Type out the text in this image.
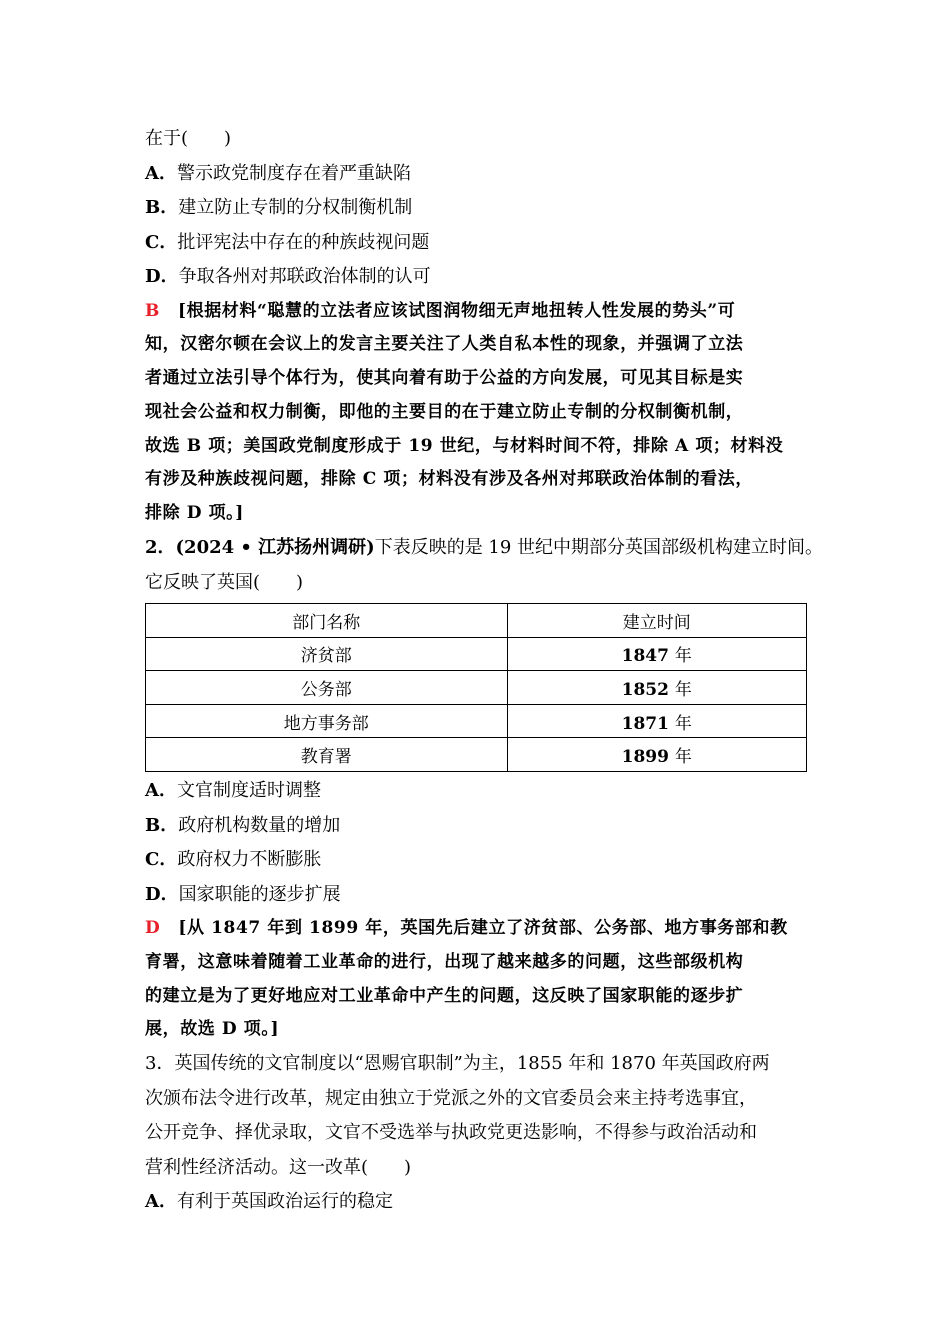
在于(　　)
A．警示政党制度存在着严重缺陷
B．建立防止专制的分权制衡机制
C．批评宪法中存在的种族歧视问题
D．争取各州对邦联政治体制的认可
B [根据材料“聪慧的立法者应该试图润物细无声地扭转人性发展的势头”可
知，汉密尔顿在会议上的发言主要关注了人类自私本性的现象，并强调了立法
者通过立法引导个体行为，使其向着有助于公益的方向发展，可见其目标是实
现社会公益和权力制衡，即他的主要目的在于建立防止专制的分权制衡机制，
故选 B 项；美国政党制度形成于 19 世纪，与材料时间不符，排除 A 项；材料没
有涉及种族歧视问题，排除 C 项；材料没有涉及各州对邦联政治体制的看法，
排除 D 项。]
2．(2024 • 江苏扬州调研)下表反映的是 19 世纪中期部分英国部级机构建立时间。
它反映了英国(　　)
部门名称	建立时间
济贫部	1847 年
公务部	1852 年
地方事务部	1871 年
教育署	1899 年
A．文官制度适时调整
B．政府机构数量的增加
C．政府权力不断膨胀
D．国家职能的逐步扩展
D [从 1847 年到 1899 年，英国先后建立了济贫部、公务部、地方事务部和教
育署，这意味着随着工业革命的进行，出现了越来越多的问题，这些部级机构
的建立是为了更好地应对工业革命中产生的问题，这反映了国家职能的逐步扩
展，故选 D 项。]
3．英国传统的文官制度以“恩赐官职制”为主，1855 年和 1870 年英国政府两
次颁布法令进行改革，规定由独立于党派之外的文官委员会来主持考选事宜，
公开竞争、择优录取，文官不受选举与执政党更迭影响，不得参与政治活动和
营利性经济活动。这一改革(　　)
A．有利于英国政治运行的稳定
